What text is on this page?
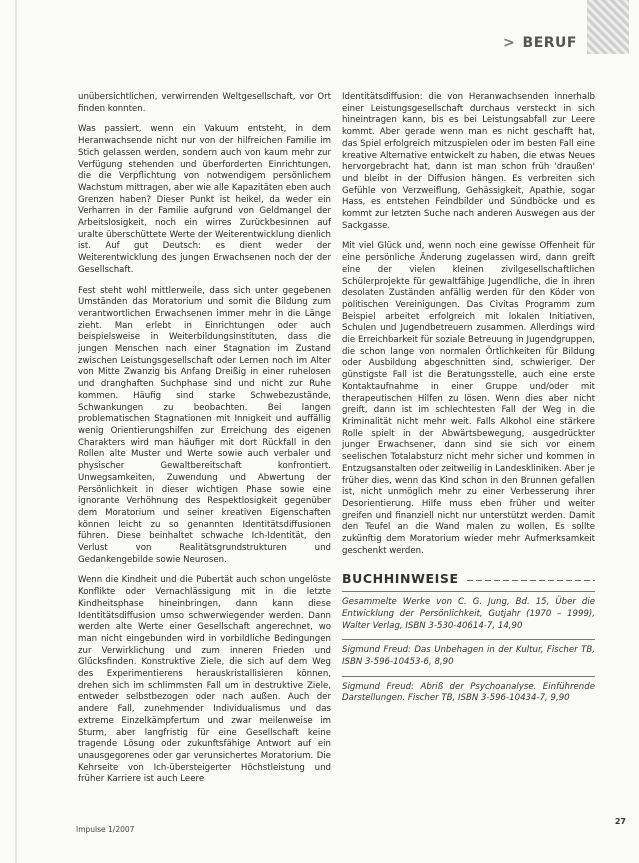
> BERUF

unübersichtlichen, verwirrenden Weltgesellschaft, vor Ort finden konnten.

Was passiert, wenn ein Vakuum entsteht, in dem Heranwachsende nicht nur von der hilfreichen Familie im Stich gelassen werden, sondern auch von kaum mehr zur Verfügung stehenden und überforderten Einrichtungen, die die Verpflichtung von notwendigem persönlichem Wachstum mittragen, aber wie alle Kapazitäten eben auch Grenzen haben? Dieser Punkt ist heikel, da weder ein Verharren in der Familie aufgrund von Geldmangel der Arbeitslosigkeit, noch ein wirres Zurückbesinnen auf uralte überschüttete Werte der Weiterentwicklung dienlich ist. Auf gut Deutsch: es dient weder der Weiterentwicklung des jungen Erwachsenen noch der der Gesellschaft.

Fest steht wohl mittlerweile, dass sich unter gegebenen Umständen das Moratorium und somit die Bildung zum verantwortlichen Erwachsenen immer mehr in die Länge zieht. Man erlebt in Einrichtungen oder auch beispielsweise in Weiterbildungsinstituten, dass die jungen Menschen nach einer Stagnation im Zustand zwischen Leistungsgesellschaft oder Lernen noch im Alter von Mitte Zwanzig bis Anfang Dreißig in einer ruhelosen und dranghaften Suchphase sind und nicht zur Ruhe kommen. Häufig sind starke Schwebezustände, Schwankungen zu beobachten. Bei langen problematischen Stagnationen mit Innigkeit und auffällig wenig Orientierungshilfen zur Erreichung des eigenen Charakters wird man häufiger mit dort Rückfall in den Rollen alte Muster und Werte sowie auch verbaler und physischer Gewaltbereitschaft konfrontiert. Unwegsamkeiten, Zuwendung und Abwertung der Persönlichkeit in dieser wichtigen Phase sowie eine ignorante Verhöhnung des Respektlosigkeit gegenüber dem Moratorium und seiner kreativen Eigenschaften können leicht zu so genannten Identitätsdiffusionen führen. Diese beinhaltet schwache Ich-Identität, den Verlust von Realitätsgrundstrukturen und Gedankengebilde sowie Neurosen.

Wenn die Kindheit und die Pubertät auch schon ungelöste Konflikte oder Vernachlässigung mit in die letzte Kindheitsphase hineinbringen, dann kann diese Identitätsdiffusion umso schwerwiegender werden. Dann werden alte Werte einer Gesellschaft angerechnet, wo man nicht eingebunden wird in vorbildliche Bedingungen zur Verwirklichung und zum inneren Frieden und Glücksfinden. Konstruktive Ziele, die sich auf dem Weg des Experimentierens herauskristallisieren können, drehen sich im schlimmsten Fall um in destruktive Ziele, entweder selbstbezogen oder nach außen. Auch der andere Fall, zunehmender Individualismus und das extreme Einzelkämpfertum und zwar meilenweise im Sturm, aber langfristig für eine Gesellschaft keine tragende Lösung oder zukunftsfähige Antwort auf ein unausgegorenes oder gar verunsichertes Moratorium. Die Kehrseite von Ich-übersteigerter Höchstleistung und früher Karriere ist auch Leere

Identitätsdiffusion: die von Heranwachsenden innerhalb einer Leistungsgesellschaft durchaus versteckt in sich hineintragen kann, bis es bei Leistungsabfall zur Leere kommt. Aber gerade wenn man es nicht geschafft hat, das Spiel erfolgreich mitzuspielen oder im besten Fall eine kreative Alternative entwickelt zu haben, die etwas Neues hervorgebracht hat, dann ist man schon früh 'draußen' und bleibt in der Diffusion hängen. Es verbreiten sich Gefühle von Verzweiflung, Gehässigkeit, Apathie, sogar Hass, es entstehen Feindbilder und Sündböcke und es kommt zur letzten Suche nach anderen Auswegen aus der Sackgasse.

Mit viel Glück und, wenn noch eine gewisse Offenheit für eine persönliche Änderung zugelassen wird, dann greift eine der vielen kleinen zivilgesellschaftlichen Schülerprojekte für gewaltfähige Jugendliche, die in ihren desolaten Zuständen anfällig werden für den Köder von politischen Vereinigungen. Das Civitas Programm zum Beispiel arbeitet erfolgreich mit lokalen Initiativen, Schulen und Jugendbetreuern zusammen. Allerdings wird die Erreichbarkeit für soziale Betreuung in Jugendgruppen, die schon lange von normalen Örtlichkeiten für Bildung oder Ausbildung abgeschnitten sind, schwieriger. Der günstigste Fall ist die Beratungsstelle, auch eine erste Kontaktaufnahme in einer Gruppe und/oder mit therapeutischen Hilfen zu lösen. Wenn dies aber nicht greift, dann ist im schlechtesten Fall der Weg in die Kriminalität nicht mehr weit. Falls Alkohol eine stärkere Rolle spielt in der Abwärtsbewegung, ausgedrückter junger Erwachsener, dann sind sie sich vor einem seelischen Totalabsturz nicht mehr sicher und kommen in Entzugsanstalten oder zeitweilig in Landeskliniken. Aber je früher dies, wenn das Kind schon in den Brunnen gefallen ist, nicht unmöglich mehr zu einer Verbesserung ihrer Desorientierung. Hilfe muss eben früher und weiter greifen und finanziell nicht nur unterstützt werden. Damit den Teufel an die Wand malen zu wollen, Es sollte zukünftig dem Moratorium wieder mehr Aufmerksamkeit geschenkt werden.

BUCHHINWEISE
Gesammelte Werke von C. G. Jung, Bd. 15, Über die Entwicklung der Persönlichkeit, Gutjahr (1970 – 1999), Walter Verlag, ISBN 3-530-40614-7, 14,90
Sigmund Freud: Das Unbehagen in der Kultur, Fischer TB, ISBN 3-596-10453-6, 8,90
Sigmund Freud: Abriß der Psychoanalyse. Einführende Darstellungen. Fischer TB, ISBN 3-596-10434-7, 9,90
Impulse 1/2007
27
